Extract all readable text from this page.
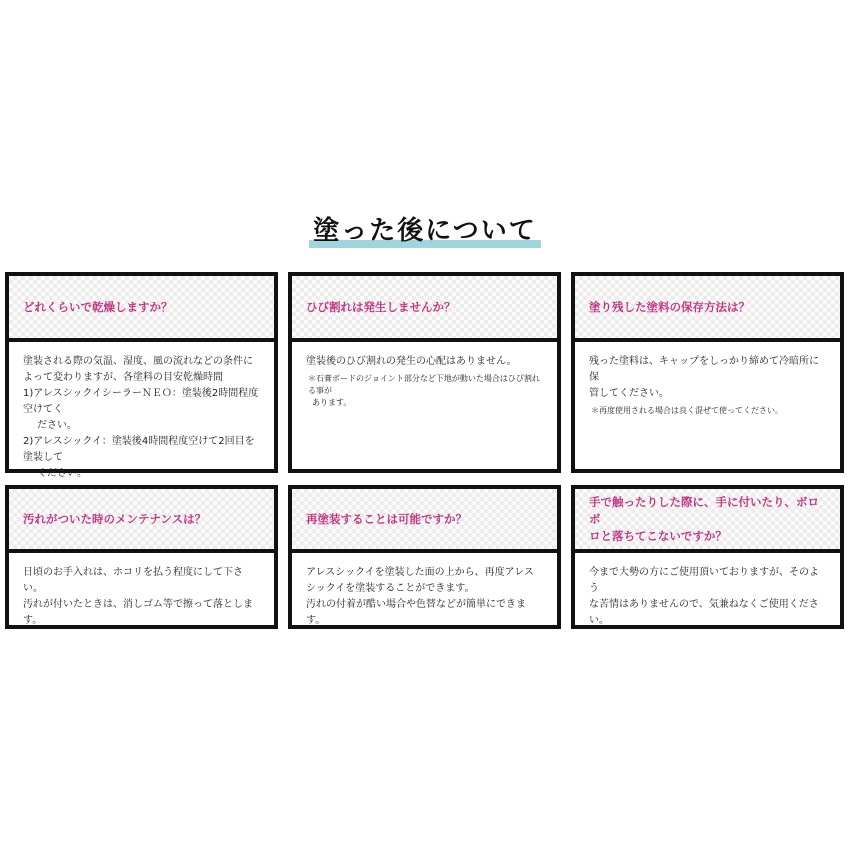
塗った後について
どれくらいで乾燥しますか？
塗装される際の気温、湿度、風の流れなどの条件に
よって変わりますが、各塗料の目安乾燥時間
1)アレスシックイシーラーＮＥＯ：塗装後2時間程度空けてく
ださい。
2)アレスシックイ：塗装後4時間程度空けて2回目を塗装して
ください。
ひび割れは発生しませんか？
塗装後のひび割れの発生の心配はありません。
＊石膏ボードのジョイント部分など下地が動いた場合はひび割れる事が
あります。
塗り残した塗料の保存方法は？
残った塗料は、キャップをしっかり締めて冷暗所に保
管してください。
＊再度使用される場合は良く混ぜて使ってください。
汚れがついた時のメンテナンスは？
日頃のお手入れは、ホコリを払う程度にして下さい。
汚れが付いたときは、消しゴム等で擦って落としま
す。
再塗装することは可能ですか？
アレスシックイを塗装した面の上から、再度アレス
シックイを塗装することができます。
汚れの付着が酷い場合や色替などが簡単にできます。
手で触ったりした際に、手に付いたり、ボロボ
ロと落ちてこないですか？
今まで大勢の方にご使用頂いておりますが、そのよう
な苦情はありませんので、気兼ねなくご使用くださ
い。
